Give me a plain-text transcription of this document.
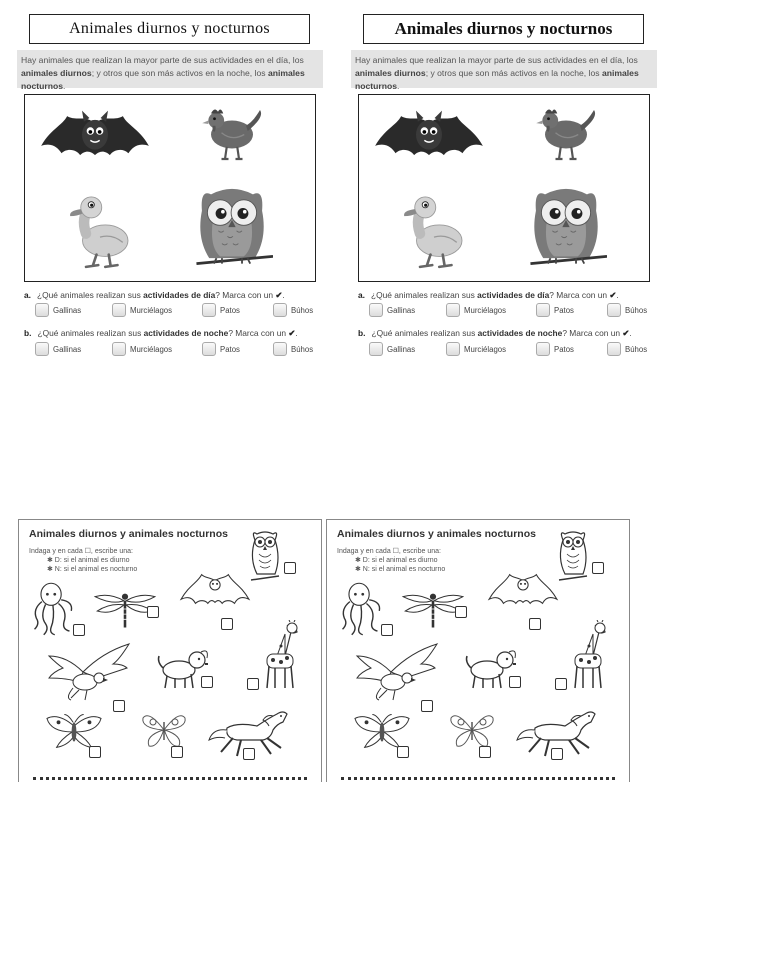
Animales diurnos y nocturnos
Hay animales que realizan la mayor parte de sus actividades en el día, los animales diurnos; y otros que son más activos en la noche, los animales nocturnos.
a. ¿Qué animales realizan sus actividades de día? Marca con un ✔.
Gallinas	Murciélagos	Patos	Búhos
b. ¿Qué animales realizan sus actividades de noche? Marca con un ✔.
Gallinas	Murciélagos	Patos	Búhos
Animales diurnos y nocturnos
Hay animales que realizan la mayor parte de sus actividades en el día, los animales diurnos; y otros que son más activos en la noche, los animales nocturnos.
a. ¿Qué animales realizan sus actividades de día? Marca con un ✔.
Gallinas	Murciélagos	Patos	Búhos
b. ¿Qué animales realizan sus actividades de noche? Marca con un ✔.
Gallinas	Murciélagos	Patos	Búhos
Animales diurnos y animales nocturnos
Indaga y en cada ☐, escribe una:
✱ D: si el animal es diurno
✱ N: si el animal es nocturno
Animales diurnos y animales nocturnos
Indaga y en cada ☐, escribe una:
✱ D: si el animal es diurno
✱ N: si el animal es nocturno
